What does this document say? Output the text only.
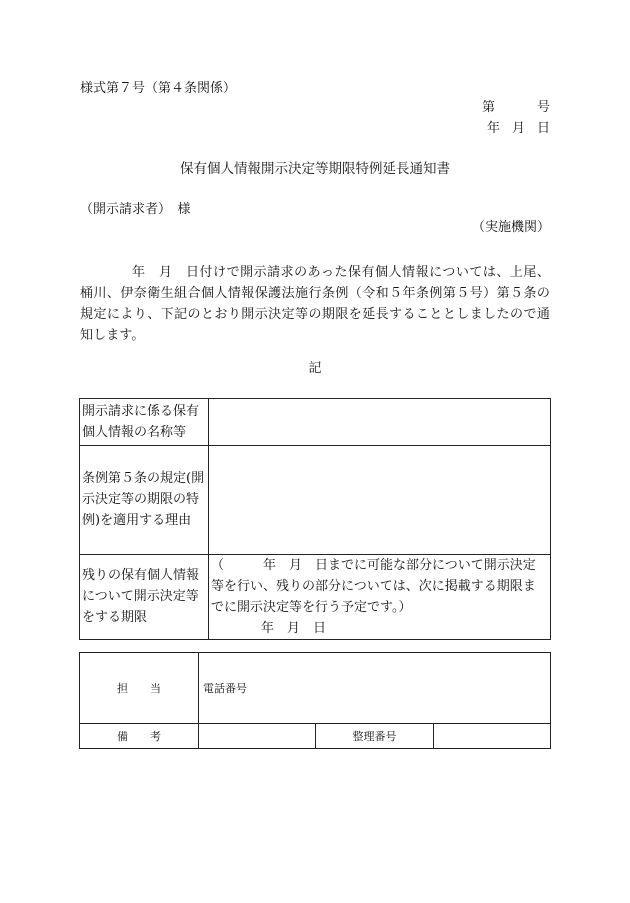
様式第７号（第４条関係）
第	号
年 月 日
保有個人情報開示決定等期限特例延長通知書
（開示請求者）　様
（実施機関）
年　月　日付けで開示請求のあった保有個人情報については、上尾、桶川、伊奈衛生組合個人情報保護法施行条例（令和５年条例第５号）第５条の規定により、下記のとおり開示決定等の期限を延長することとしましたので通知します。
記
開示請求に係る保有個人情報の名称等	
条例第５条の規定(開示決定等の期限の特例)を適用する理由	
残りの保有個人情報について開示決定等をする期限	（　　　年　月　日までに可能な部分について開示決定等を行い、残りの部分については、次に掲載する期限までに開示決定等を行う予定です。）
年　月　日
担　　当	電話番号		
備　　考		整理番号	
